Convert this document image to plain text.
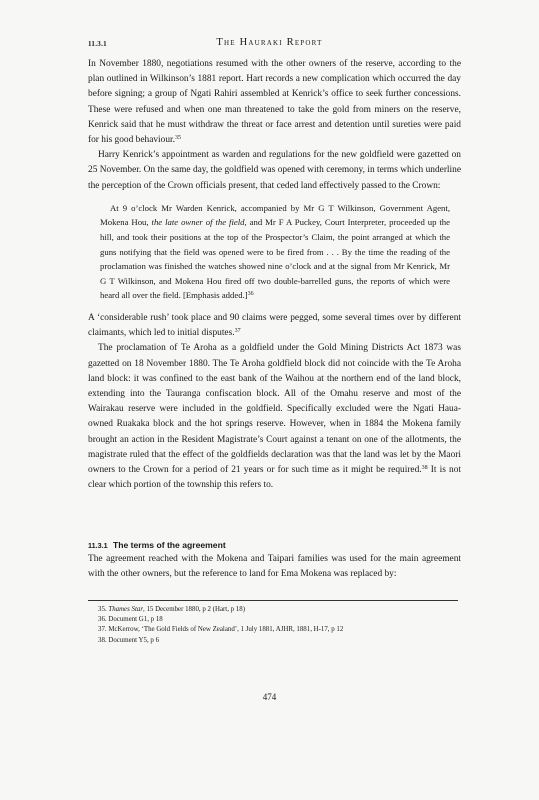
11.3.1	The Hauraki Report

In November 1880, negotiations resumed with the other owners of the reserve, according to the plan outlined in Wilkinson’s 1881 report. Hart records a new complication which occurred the day before signing; a group of Ngati Rahiri assembled at Kenrick’s office to seek further concessions. These were refused and when one man threatened to take the gold from miners on the reserve, Kenrick said that he must withdraw the threat or face arrest and detention until sureties were paid for his good behaviour.$^{35}$

Harry Kenrick’s appointment as warden and regulations for the new goldfield were gazetted on 25 November. On the same day, the goldfield was opened with ceremony, in terms which underline the perception of the Crown officials present, that ceded land effectively passed to the Crown:

At 9 o’clock Mr Warden Kenrick, accompanied by Mr G T Wilkinson, Government Agent, Mokena Hou, the late owner of the field, and Mr F A Puckey, Court Interpreter, proceeded up the hill, and took their positions at the top of the Prospector’s Claim, the point arranged at which the guns notifying that the field was opened were to be fired from . . . By the time the reading of the proclamation was finished the watches showed nine o’clock and at the signal from Mr Kenrick, Mr G T Wilkinson, and Mokena Hou fired off two double-barrelled guns, the reports of which were heard all over the field. [Emphasis added.]$^{36}$

A ‘considerable rush’ took place and 90 claims were pegged, some several times over by different claimants, which led to initial disputes.$^{37}$

The proclamation of Te Aroha as a goldfield under the Gold Mining Districts Act 1873 was gazetted on 18 November 1880. The Te Aroha goldfield block did not coincide with the Te Aroha land block: it was confined to the east bank of the Waihou at the northern end of the land block, extending into the Tauranga confiscation block. All of the Omahu reserve and most of the Wairakau reserve were included in the goldfield. Specifically excluded were the Ngati Haua-owned Ruakaka block and the hot springs reserve. However, when in 1884 the Mokena family brought an action in the Resident Magistrate’s Court against a tenant on one of the allotments, the magistrate ruled that the effect of the goldfields declaration was that the land was let by the Maori owners to the Crown for a period of 21 years or for such time as it might be required.$^{38}$ It is not clear which portion of the township this refers to.

11.3.1 The terms of the agreement

The agreement reached with the Mokena and Taipari families was used for the main agreement with the other owners, but the reference to land for Ema Mokena was replaced by:

35. Thames Star, 15 December 1880, p 2 (Hart, p 18)
36. Document G1, p 18
37. McKerrow, ‘The Gold Fields of New Zealand’, 1 July 1881, AJHR, 1881, H-17, p 12
38. Document Y5, p 6
474
